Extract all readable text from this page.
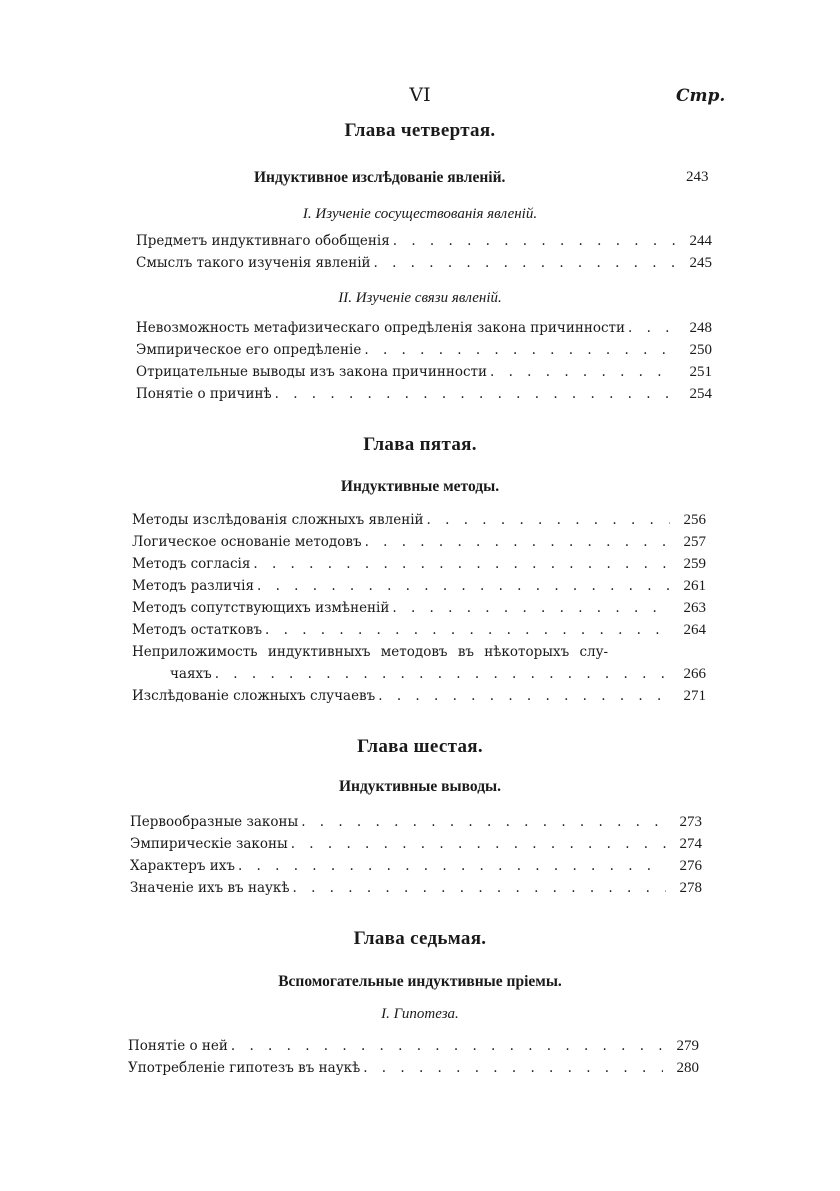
VI	Стр.
Глава четвертая.
Индуктивное изслѣдованіе явленій.	243
I. Изученіе сосуществованія явленій.
Предметъ индуктивнаго обобщенія . . .	244
Смыслъ такого изученія явленій . . .	245
II. Изученіе связи явленій.
Невозможность метафизическаго опредѣленія закона причинности . . .	248
Эмпирическое его опредѣленіе . . .	250
Отрицательные выводы изъ закона причинности . . .	251
Понятіе о причинѣ . . .	254
Глава пятая.
Индуктивные методы.
Методы изслѣдованія сложныхъ явленій . . .	256
Логическое основаніе методовъ . . .	257
Методъ согласія . . .	259
Методъ различія . . .	261
Методъ сопутствующихъ измѣненій . . .	263
Методъ остатковъ . . .	264
Неприложимость индуктивныхъ методовъ въ нѣкоторыхъ слу-
чаяхъ . . .	266
Изслѣдованіе сложныхъ случаевъ . . .	271
Глава шестая.
Индуктивные выводы.
Первообразные законы . . .	273
Эмпирическіе законы . . .	274
Характеръ ихъ . . .	276
Значеніе ихъ въ наукѣ . . .	278
Глава седьмая.
Вспомогательные индуктивные пріемы.
I. Гипотеза.
Понятіе о ней . . .	279
Употребленіе гипотезъ въ наукѣ . . .	280
